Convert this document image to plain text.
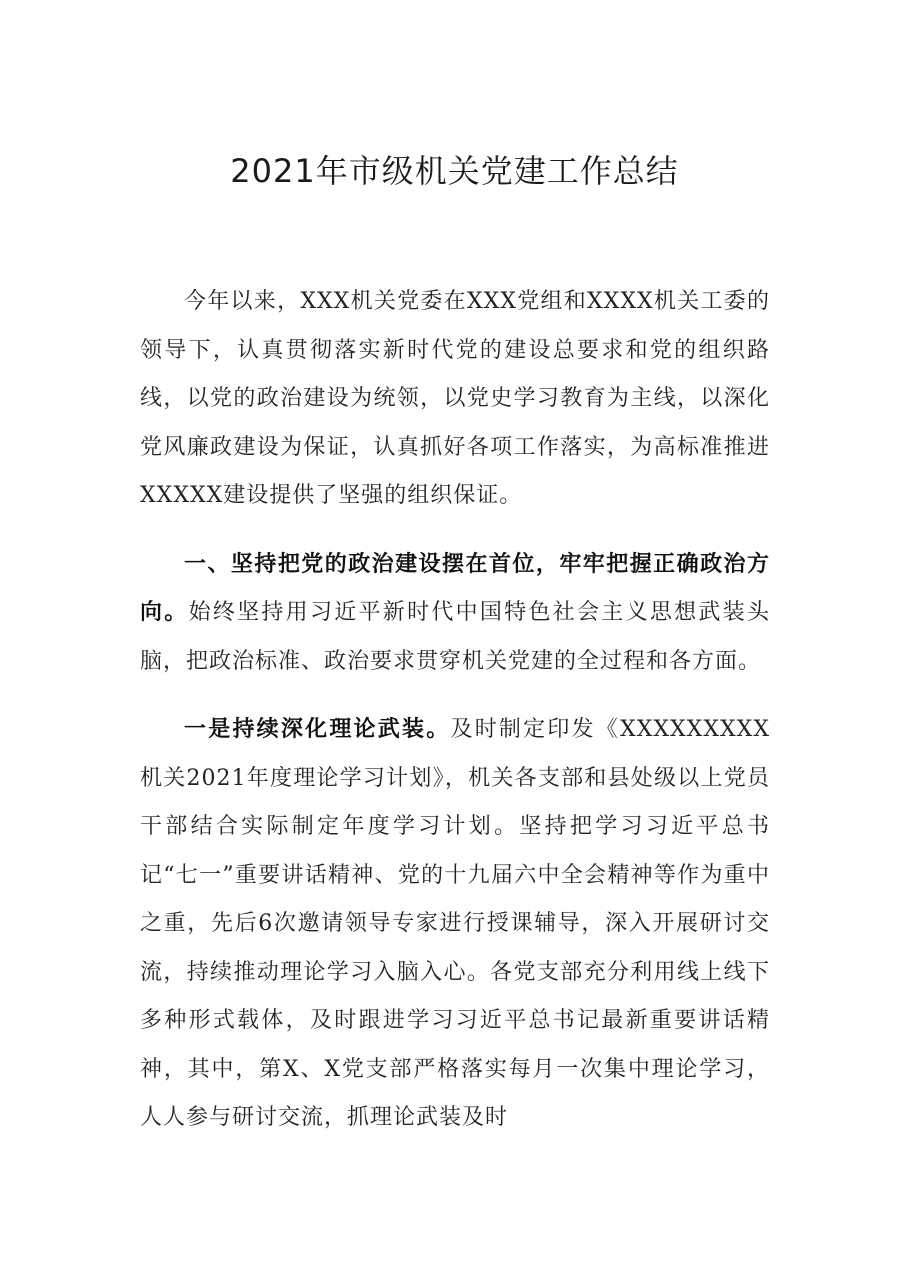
2021年市级机关党建工作总结

今年以来，XXX机关党委在XXX党组和XXXX机关工委的领导下，认真贯彻落实新时代党的建设总要求和党的组织路线，以党的政治建设为统领，以党史学习教育为主线，以深化党风廉政建设为保证，认真抓好各项工作落实，为高标准推进XXXXX建设提供了坚强的组织保证。

一、坚持把党的政治建设摆在首位，牢牢把握正确政治方向。始终坚持用习近平新时代中国特色社会主义思想武装头脑，把政治标准、政治要求贯穿机关党建的全过程和各方面。

一是持续深化理论武装。及时制定印发《XXXXXXXXX机关2021年度理论学习计划》，机关各支部和县处级以上党员干部结合实际制定年度学习计划。坚持把学习习近平总书记“七一”重要讲话精神、党的十九届六中全会精神等作为重中之重，先后6次邀请领导专家进行授课辅导，深入开展研讨交流，持续推动理论学习入脑入心。各党支部充分利用线上线下多种形式载体，及时跟进学习习近平总书记最新重要讲话精神，其中，第X、X党支部严格落实每月一次集中理论学习，人人参与研讨交流，抓理论武装及时
